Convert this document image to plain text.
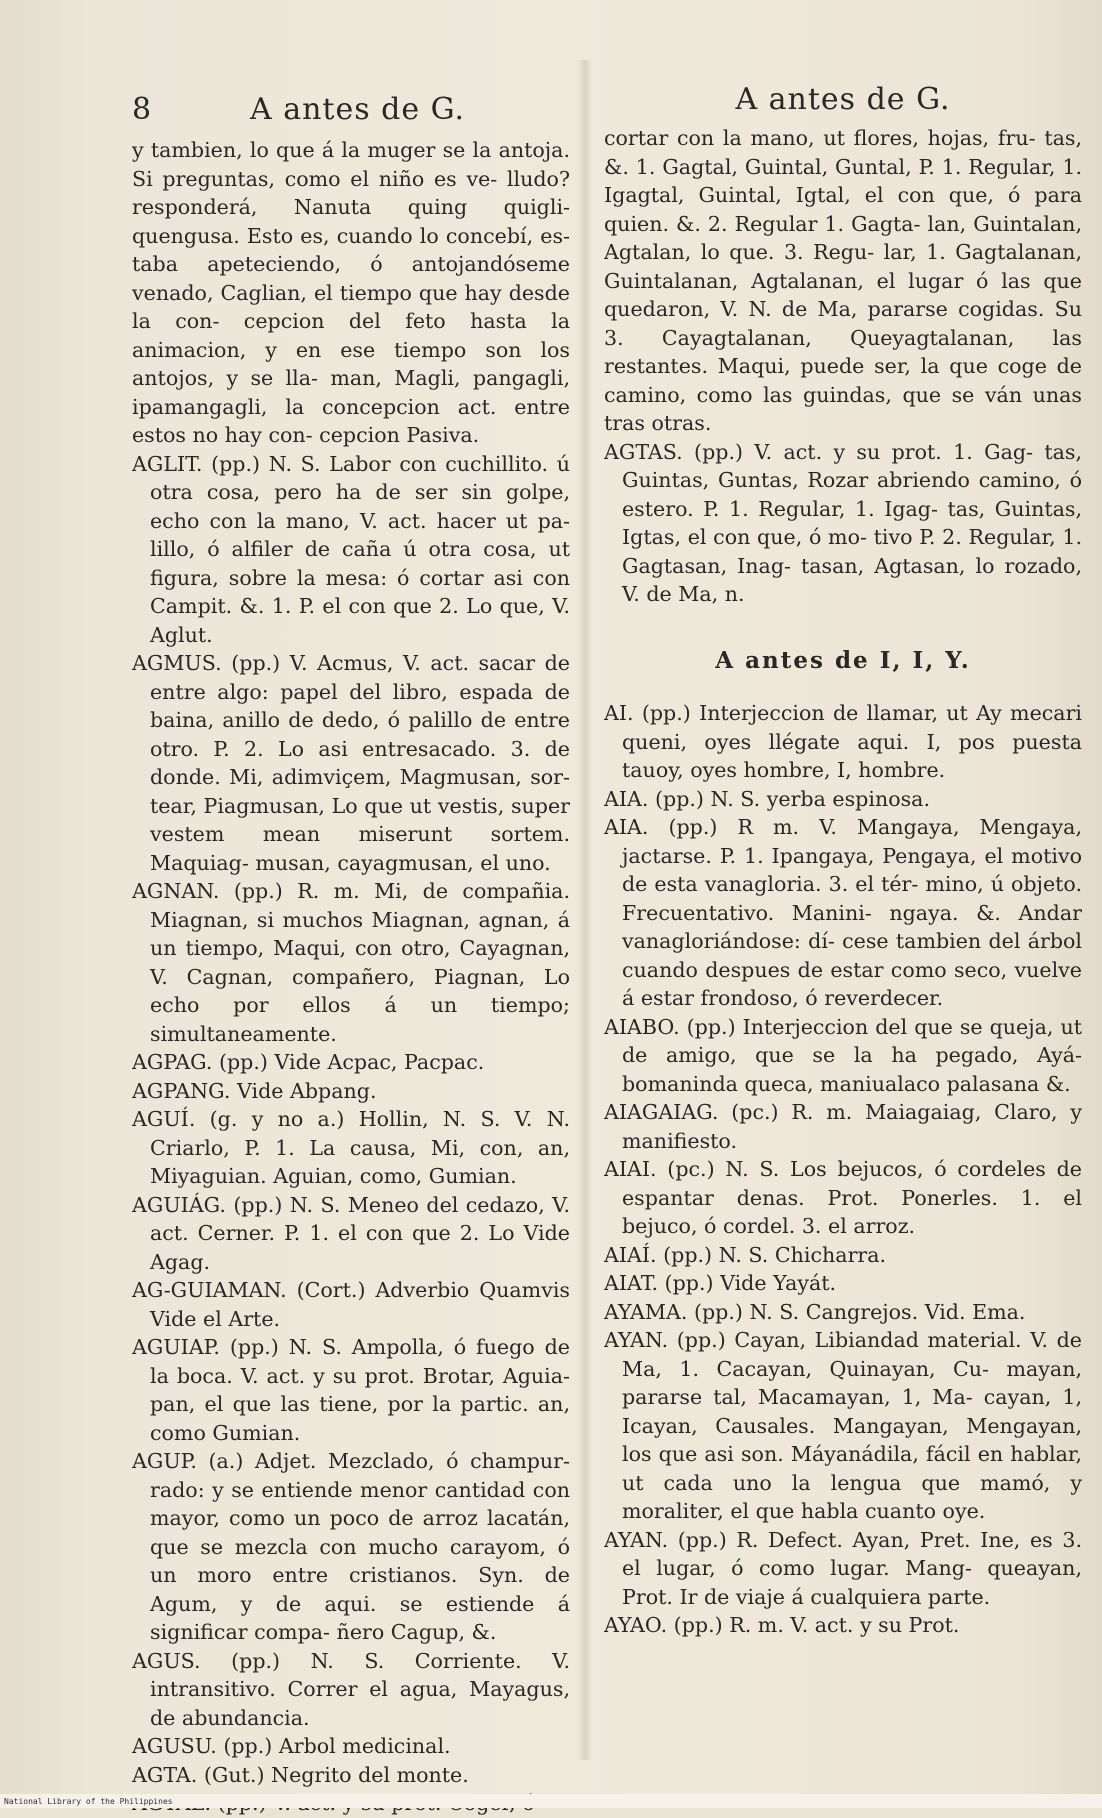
8	A antes de G.

y tambien, lo que á la muger se la antoja. Si preguntas, como el niño es ve- lludo? responderá, Nanuta quing quigli- quengusa. Esto es, cuando lo concebí, es- taba apeteciendo, ó antojandóseme venado, Caglian, el tiempo que hay desde la con- cepcion del feto hasta la animacion, y en ese tiempo son los antojos, y se lla- man, Magli, pangagli, ipamangagli, la concepcion act. entre estos no hay con- cepcion Pasiva.

AGLIT. (pp.) N. S. Labor con cuchillito. ú otra cosa, pero ha de ser sin golpe, echo con la mano, V. act. hacer ut pa- lillo, ó alfiler de caña ú otra cosa, ut figura, sobre la mesa: ó cortar asi con Campit. &. 1. P. el con que 2. Lo que, V. Aglut.

AGMUS. (pp.) V. Acmus, V. act. sacar de entre algo: papel del libro, espada de baina, anillo de dedo, ó palillo de entre otro. P. 2. Lo asi entresacado. 3. de donde. Mi, adimviçem, Magmusan, sor- tear, Piagmusan, Lo que ut vestis, super vestem mean miserunt sortem. Maquiag- musan, cayagmusan, el uno.

AGNAN. (pp.) R. m. Mi, de compañia. Miagnan, si muchos Miagnan, agnan, á un tiempo, Maqui, con otro, Cayagnan, V. Cagnan, compañero, Piagnan, Lo echo por ellos á un tiempo; simultaneamente.

AGPAG. (pp.) Vide Acpac, Pacpac.

AGPANG. Vide Abpang.

AGUÍ. (g. y no a.) Hollin, N. S. V. N. Criarlo, P. 1. La causa, Mi, con, an, Miyaguian. Aguian, como, Gumian.

AGUIÁG. (pp.) N. S. Meneo del cedazo, V. act. Cerner. P. 1. el con que 2. Lo Vide Agag.

AG-GUIAMAN. (Cort.) Adverbio Quamvis Vide el Arte.

AGUIAP. (pp.) N. S. Ampolla, ó fuego de la boca. V. act. y su prot. Brotar, Aguia- pan, el que las tiene, por la partic. an, como Gumian.

AGUP. (a.) Adjet. Mezclado, ó champur- rado: y se entiende menor cantidad con mayor, como un poco de arroz lacatán, que se mezcla con mucho carayom, ó un moro entre cristianos. Syn. de Agum, y de aqui. se estiende á significar compa- ñero Cagup, &.

AGUS. (pp.) N. S. Corriente. V. intransitivo. Correr el agua, Mayagus, de abundancia.

AGUSU. (pp.) Arbol medicinal.

AGTA. (Gut.) Negrito del monte.

A antes de G.

cortar con la mano, ut flores, hojas, fru- tas, &. 1. Gagtal, Guintal, Guntal, P. 1. Regular, 1. Igagtal, Guintal, Igtal, el con que, ó para quien. &. 2. Regular 1. Gagta- lan, Guintalan, Agtalan, lo que. 3. Regu- lar, 1. Gagtalanan, Guintalanan, Agtalanan, el lugar ó las que quedaron, V. N. de Ma, pararse cogidas. Su 3. Cayagtalanan, Queyagtalanan, las restantes. Maqui, puede ser, la que coge de camino, como las guindas, que se ván unas tras otras.

AGTAS. (pp.) V. act. y su prot. 1. Gag- tas, Guintas, Guntas, Rozar abriendo camino, ó estero. P. 1. Regular, 1. Igag- tas, Guintas, Igtas, el con que, ó mo- tivo P. 2. Regular, 1. Gagtasan, Inag- tasan, Agtasan, lo rozado, V. de Ma, n.

A antes de I, I, Y.

AI. (pp.) Interjeccion de llamar, ut Ay mecari queni, oyes llégate aqui. I, pos puesta tauoy, oyes hombre, I, hombre.

AIA. (pp.) N. S. yerba espinosa.

AIA. (pp.) R m. V. Mangaya, Mengaya, jactarse. P. 1. Ipangaya, Pengaya, el motivo de esta vanagloria. 3. el tér- mino, ú objeto. Frecuentativo. Manini- ngaya. &. Andar vanagloriándose: dí- cese tambien del árbol cuando despues de estar como seco, vuelve á estar frondoso, ó reverdecer.

AIABO. (pp.) Interjeccion del que se queja, ut de amigo, que se la ha pegado, Ayá- bomaninda queca, maniualaco palasana &.

AIAGAIAG. (pc.) R. m. Maiagaiag, Claro, y manifiesto.

AIAI. (pc.) N. S. Los bejucos, ó cordeles de espantar denas. Prot. Ponerles. 1. el bejuco, ó cordel. 3. el arroz.

AIAÍ. (pp.) N. S. Chicharra.

AIAT. (pp.) Vide Yayát.

AYAMA. (pp.) N. S. Cangrejos. Vid. Ema.

AYAN. (pp.) Cayan, Libiandad material. V. de Ma, 1. Cacayan, Quinayan, Cu- mayan, pararse tal, Macamayan, 1, Ma- cayan, 1, Icayan, Causales. Mangayan, Mengayan, los que asi son. Máyanádila, fácil en hablar, ut cada uno la lengua que mamó, y moraliter, el que habla cuanto oye.

AYAN. (pp.) R. Defect. Ayan, Pret. Ine, es 3. el lugar, ó como lugar. Mang- queayan, Prot. Ir de viaje á cualquiera parte.

AYAO. (pp.) R. m. V. act. y su Prot.

National Library of the Philippines
